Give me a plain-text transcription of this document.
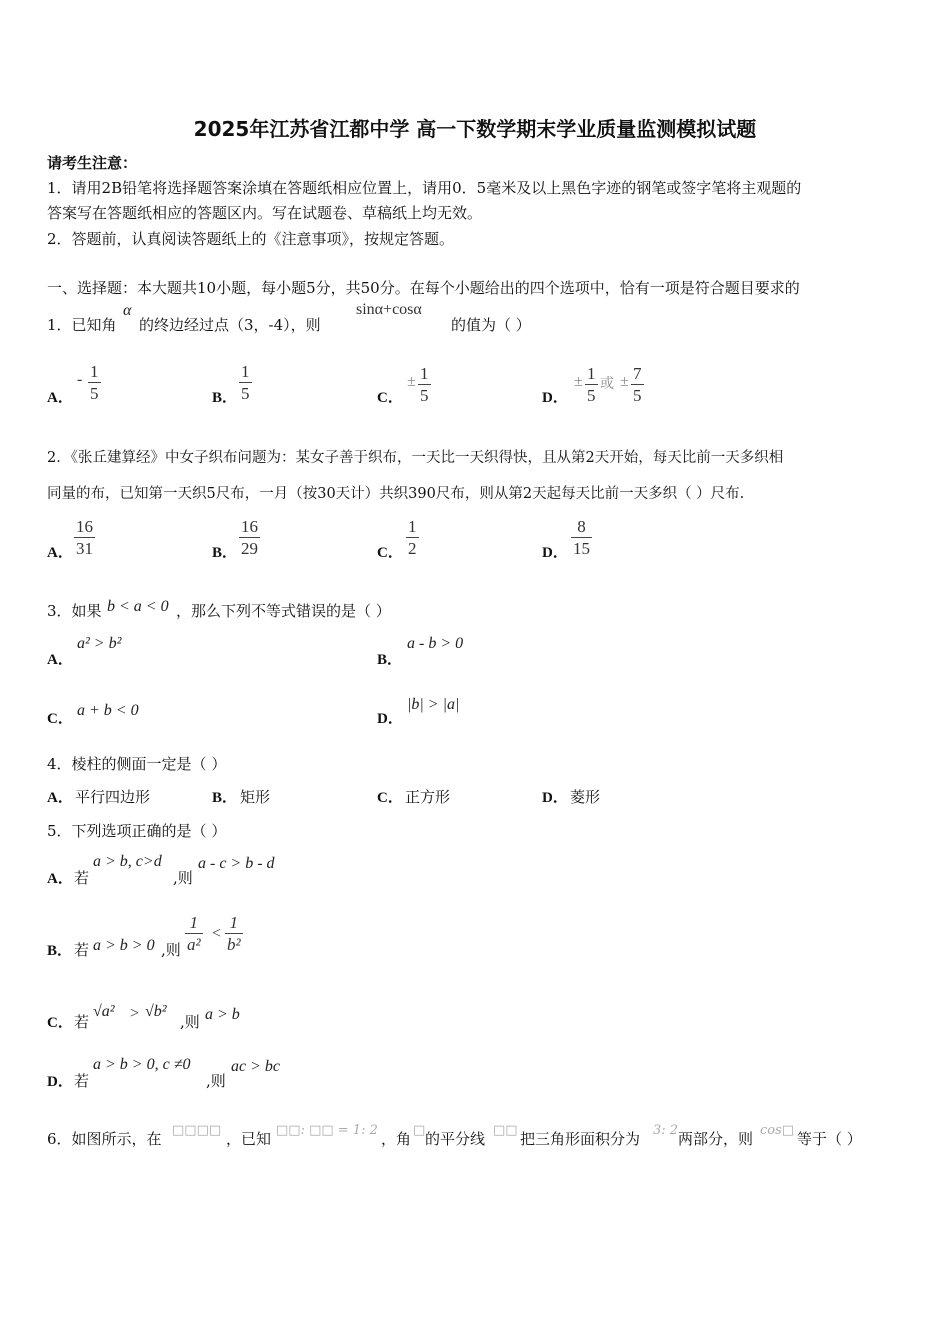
2025年江苏省江都中学 高一下数学期末学业质量监测模拟试题
请考生注意：
1．请用2B铅笔将选择题答案涂填在答题纸相应位置上，请用0．5毫米及以上黑色字迹的钢笔或签字笔将主观题的
答案写在答题纸相应的答题区内。写在试题卷、草稿纸上均无效。
2．答题前，认真阅读答题纸上的《注意事项》，按规定答题。
一、选择题：本大题共10小题，每小题5分，共50分。在每个小题给出的四个选项中，恰有一项是符合题目要求的
1．已知角
α
的终边经过点（3，-4），则
sinα+cosα
的值为（ ）
A．
- $\frac{1}{5}$	B． $\frac{1}{5}$	C．
± $\frac{1}{5}$	D．
± $\frac{1}{5}$ 或 ± $\frac{7}{5}$
2．《张丘建算经》中女子织布问题为：某女子善于织布，一天比一天织得快，且从第2天开始，每天比前一天多织相
同量的布，已知第一天织5尺布，一月（按30天计）共织390尺布，则从第2天起每天比前一天多织（ ）尺布.
A． $\frac{16}{31}$	B． $\frac{16}{29}$	C． $\frac{1}{2}$	D． $\frac{8}{15}$
3．如果 b < a < 0 ，那么下列不等式错误的是（ ）
A．
a² > b²
B．
a - b > 0
C． a + b < 0	D．
|b| > |a|
4．棱柱的侧面一定是（ ）
A． 平行四边形	B． 矩形	C． 正方形	D． 菱形
5．下列选项正确的是（ ）
A． 若
a > b, c>d
,则
a - c > b - d
B． 若 a > b > 0 ,则 $\frac{1}{\text{a²}} < \frac{1}{\text{b²}}$
C． 若
√a² > √b²
,则 a > b
D． 若
a > b > 0, c ≠0
,则
ac > bc
6．如图所示，在 □□□□ ，已知 □□: □□ = 1: 2 ，角 □ 的平分线 □□ 把三角形面积分为 3: 2 两部分，则 cos□ 等于（ ）
